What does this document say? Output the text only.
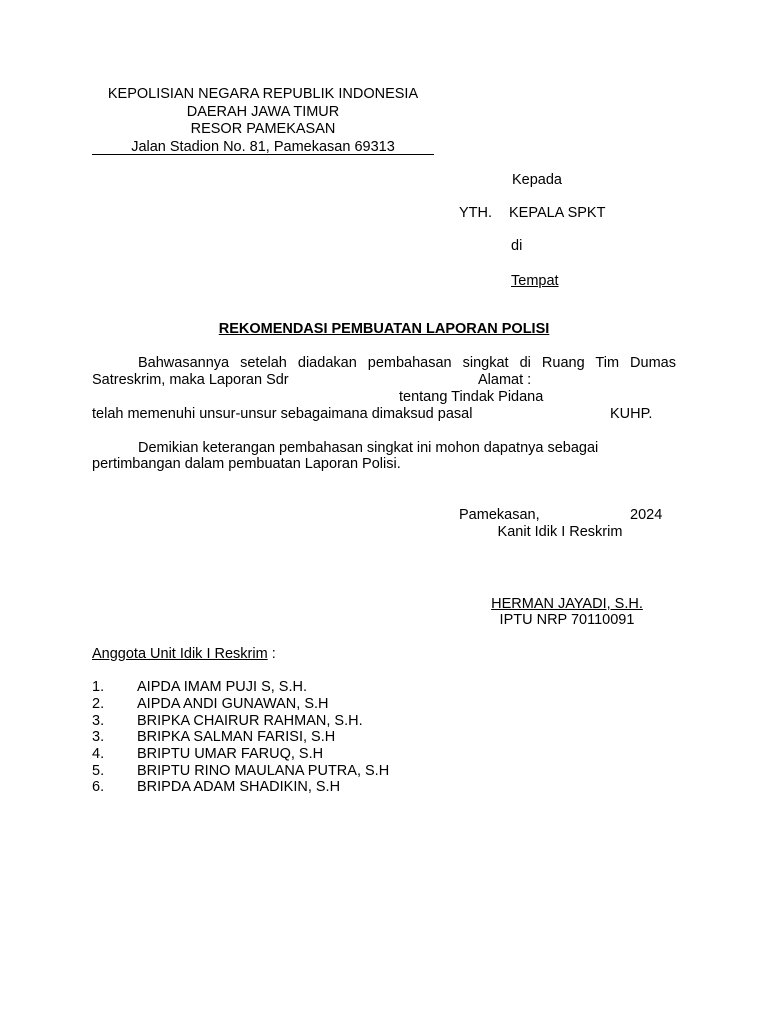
KEPOLISIAN NEGARA REPUBLIK INDONESIA
DAERAH JAWA TIMUR
RESOR PAMEKASAN
Jalan Stadion No. 81, Pamekasan 69313
Kepada
YTH. KEPALA SPKT
di
Tempat
REKOMENDASI PEMBUATAN LAPORAN POLISI
Bahwasannya setelah diadakan pembahasan singkat di Ruang Tim Dumas
Satreskrim, maka Laporan Sdr	Alamat :
tentang Tindak Pidana
telah memenuhi unsur-unsur sebagaimana dimaksud pasal	KUHP.
Demikian keterangan pembahasan singkat ini mohon dapatnya sebagai
pertimbangan dalam pembuatan Laporan Polisi.
Pamekasan,	2024
Kanit Idik I Reskrim
HERMAN JAYADI, S.H.
IPTU NRP 70110091
Anggota Unit Idik I Reskrim :
1. AIPDA IMAM PUJI S, S.H.
2. AIPDA ANDI GUNAWAN, S.H
3. BRIPKA CHAIRUR RAHMAN, S.H.
3. BRIPKA SALMAN FARISI, S.H
4. BRIPTU UMAR FARUQ, S.H
5. BRIPTU RINO MAULANA PUTRA, S.H
6. BRIPDA ADAM SHADIKIN, S.H
